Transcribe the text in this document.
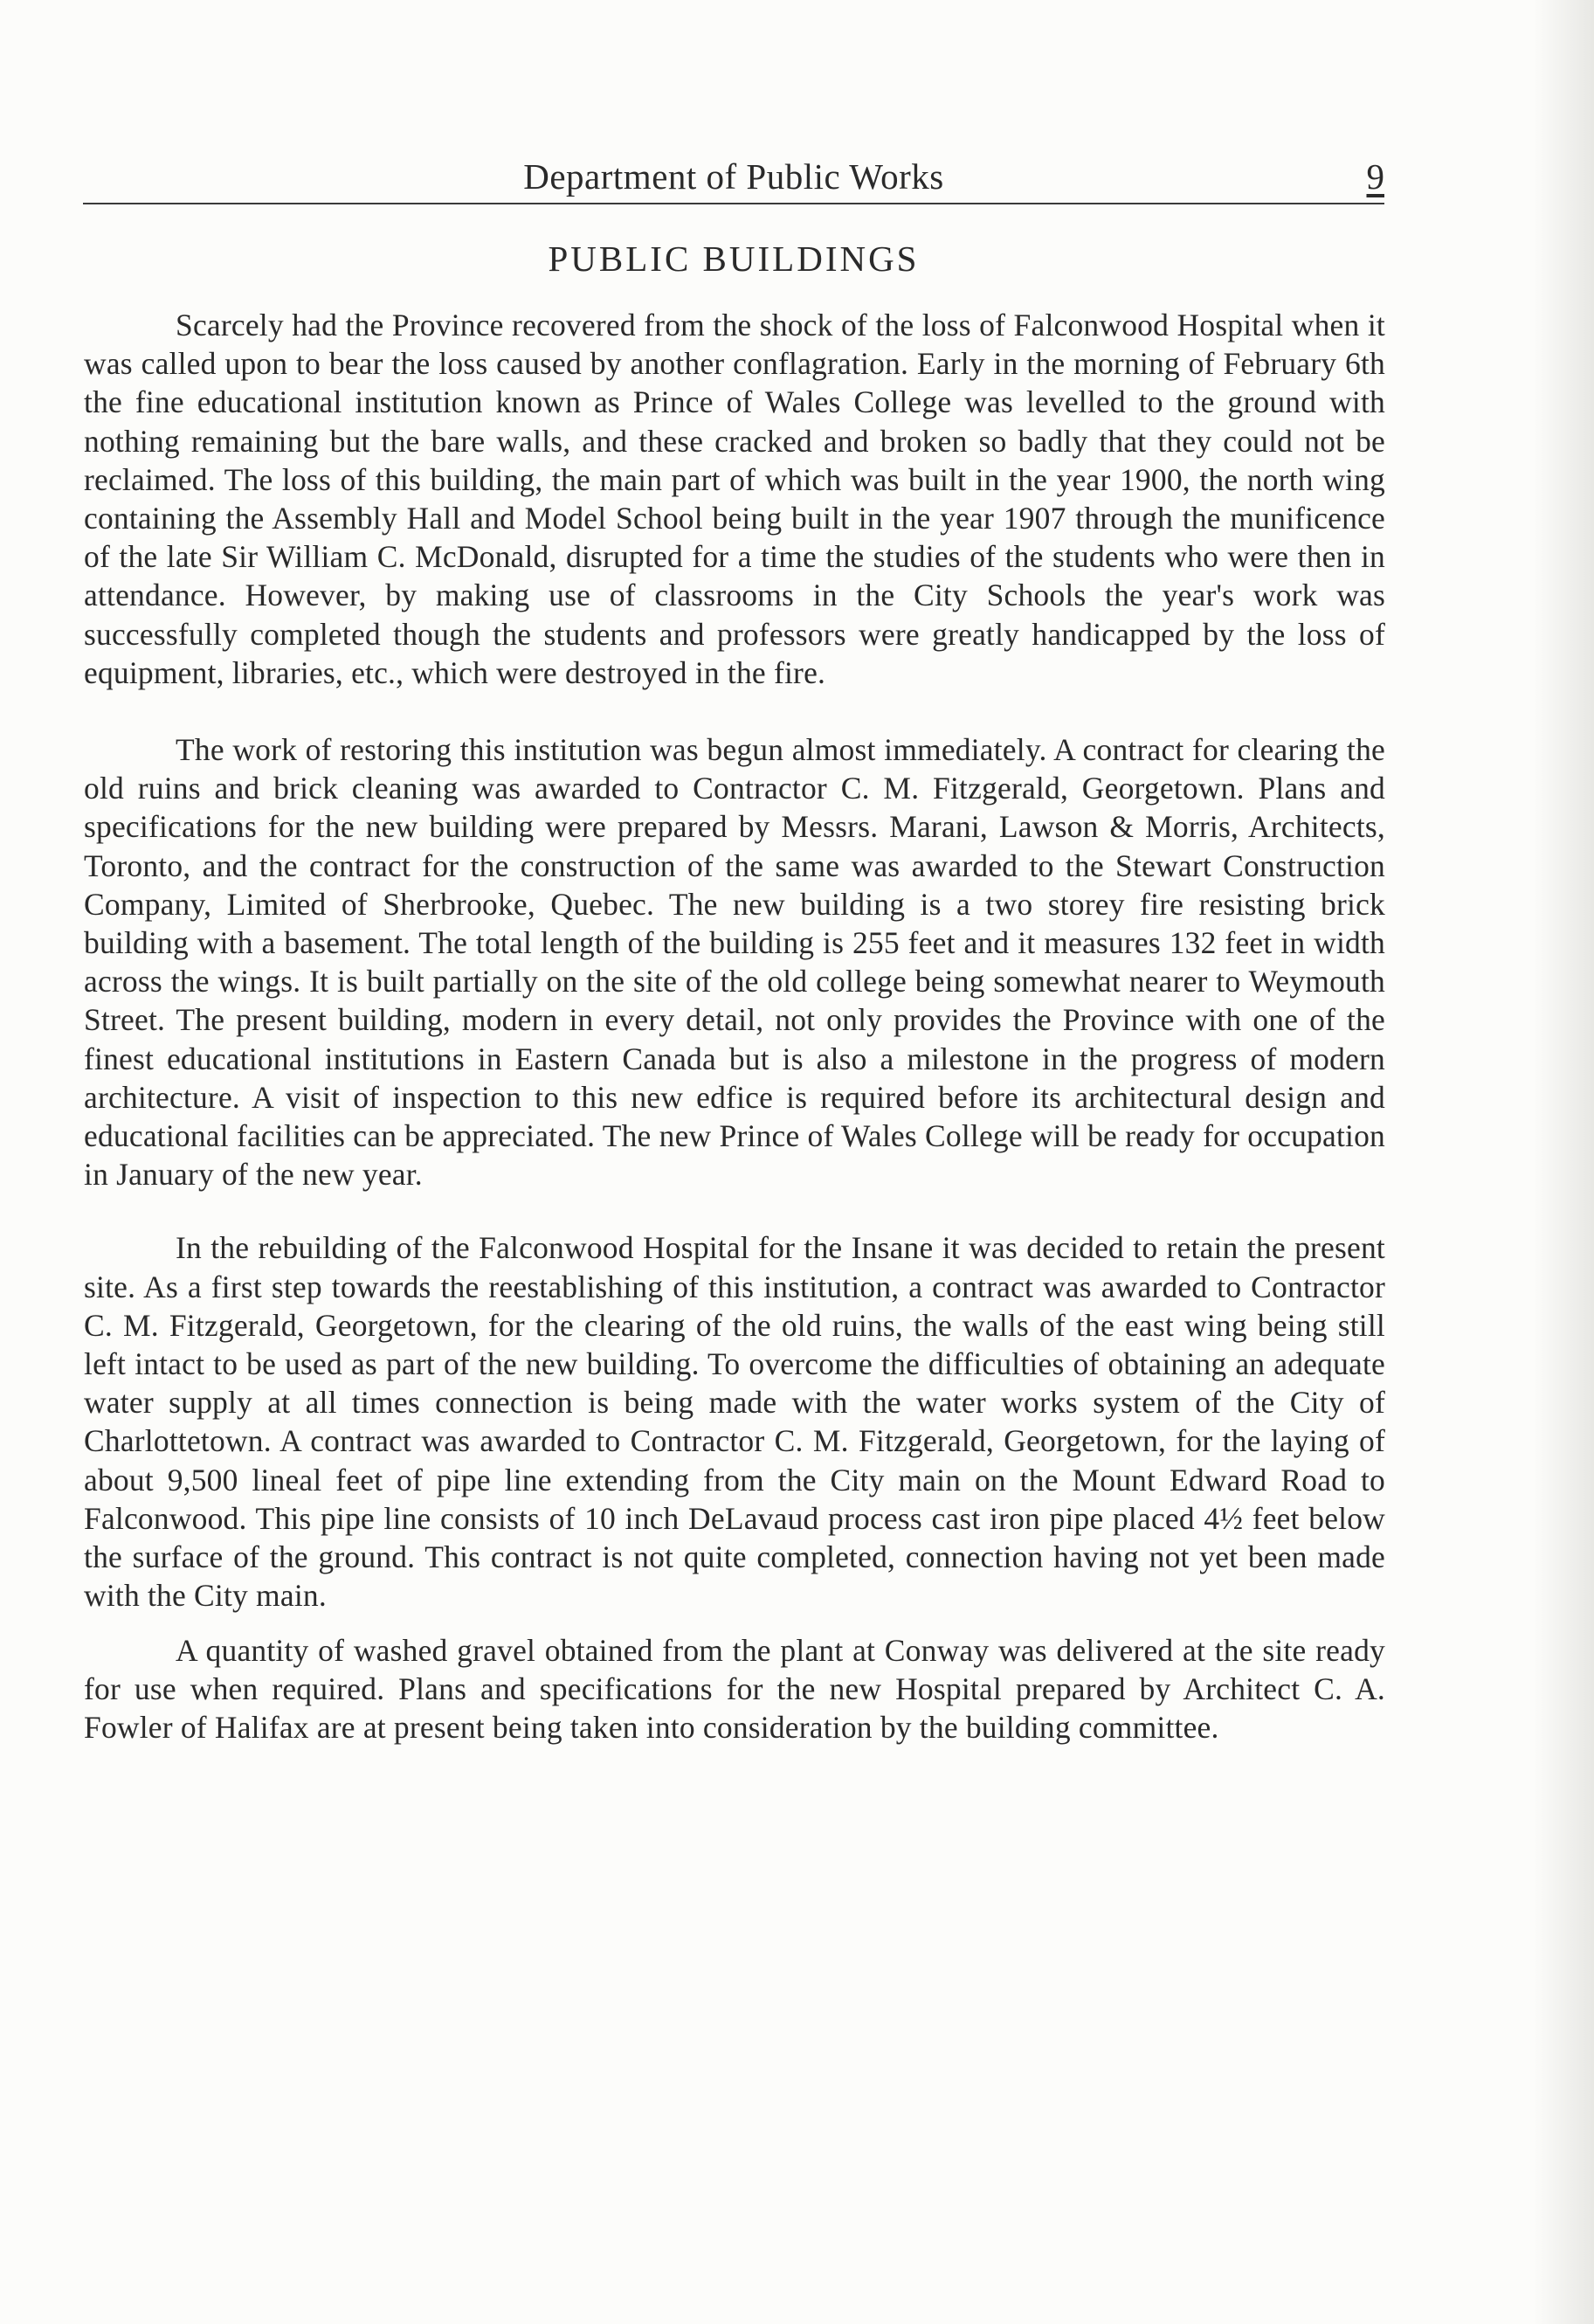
Department of Public Works	9
PUBLIC BUILDINGS

Scarcely had the Province recovered from the shock of the loss of Falconwood Hospital when it was called upon to bear the loss caused by another conflagration. Early in the morning of February 6th the fine educational institution known as Prince of Wales College was levelled to the ground with nothing remaining but the bare walls, and these cracked and broken so badly that they could not be reclaimed. The loss of this building, the main part of which was built in the year 1900, the north wing containing the Assembly Hall and Model School being built in the year 1907 through the munificence of the late Sir William C. McDonald, disrupted for a time the studies of the students who were then in attendance. However, by making use of classrooms in the City Schools the year's work was successfully completed though the students and professors were greatly handicapped by the loss of equipment, libraries, etc., which were destroyed in the fire.

The work of restoring this institution was begun almost immediately. A contract for clearing the old ruins and brick cleaning was awarded to Contractor C. M. Fitzgerald, Georgetown. Plans and specifications for the new building were prepared by Messrs. Marani, Lawson & Morris, Architects, Toronto, and the contract for the construction of the same was awarded to the Stewart Construction Company, Limited of Sherbrooke, Quebec. The new building is a two storey fire resisting brick building with a basement. The total length of the building is 255 feet and it measures 132 feet in width across the wings. It is built partially on the site of the old college being somewhat nearer to Weymouth Street. The present building, modern in every detail, not only provides the Province with one of the finest educational institutions in Eastern Canada but is also a milestone in the progress of modern architecture. A visit of inspection to this new edfice is required before its architectural design and educational facilities can be appreciated. The new Prince of Wales College will be ready for occupation in January of the new year.

In the rebuilding of the Falconwood Hospital for the Insane it was decided to retain the present site. As a first step towards the reestablishing of this institution, a contract was awarded to Contractor C. M. Fitzgerald, Georgetown, for the clearing of the old ruins, the walls of the east wing being still left intact to be used as part of the new building. To overcome the difficulties of obtaining an adequate water supply at all times connection is being made with the water works system of the City of Charlottetown. A contract was awarded to Contractor C. M. Fitzgerald, Georgetown, for the laying of about 9,500 lineal feet of pipe line extending from the City main on the Mount Edward Road to Falconwood. This pipe line consists of 10 inch DeLavaud process cast iron pipe placed 4½ feet below the surface of the ground. This contract is not quite completed, connection having not yet been made with the City main.

A quantity of washed gravel obtained from the plant at Conway was delivered at the site ready for use when required. Plans and specifications for the new Hospital prepared by Architect C. A. Fowler of Halifax are at present being taken into consideration by the building committee.
